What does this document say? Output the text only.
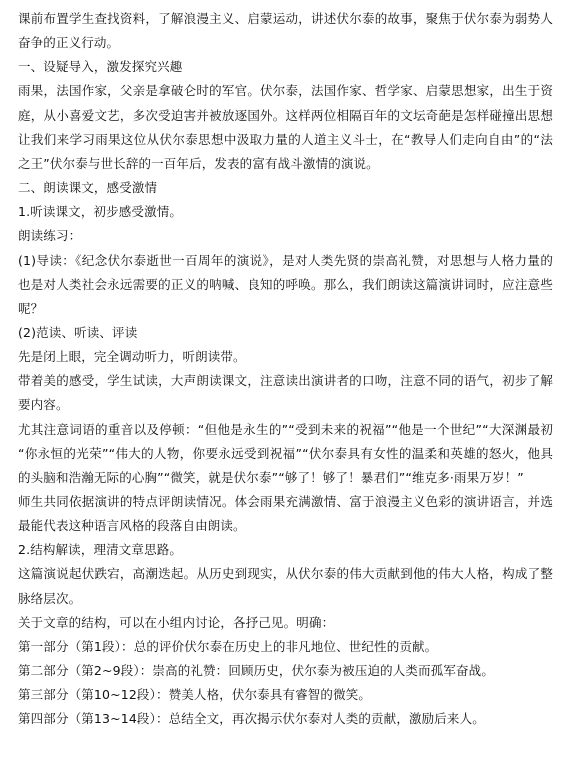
课前布置学生查找资料，了解浪漫主义、启蒙运动，讲述伏尔泰的故事，聚焦于伏尔泰为弱势人
奋争的正义行动。
一、设疑导入，激发探究兴趣
雨果，法国作家，父亲是拿破仑时的军官。伏尔泰，法国作家、哲学家、启蒙思想家，出生于资
庭，从小喜爱文艺，多次受迫害并被放逐国外。这样两位相隔百年的文坛奇葩是怎样碰撞出思想
让我们来学习雨果这位从伏尔泰思想中汲取力量的人道主义斗士，在“教导人们走向自由”的“法
之王”伏尔泰与世长辞的一百年后，发表的富有战斗激情的演说。
二、朗读课文，感受激情
1.听读课文，初步感受激情。
朗读练习：
(1)导读：《纪念伏尔泰逝世一百周年的演说》，是对人类先贤的崇高礼赞，对思想与人格力量的
也是对人类社会永远需要的正义的呐喊、良知的呼唤。那么，我们朗读这篇演讲词时，应注意些
呢？
(2)范读、听读、评读
先是闭上眼，完全调动听力，听朗读带。
带着美的感受，学生试读，大声朗读课文，注意读出演讲者的口吻，注意不同的语气，初步了解
要内容。
尤其注意词语的重音以及停顿：“但他是永生的”“受到未来的祝福”“他是一个世纪”“大深渊最初
“你永恒的光荣”“伟大的人物，你要永远受到祝福”“伏尔泰具有女性的温柔和英雄的怒火，他具
的头脑和浩瀚无际的心胸”“微笑，就是伏尔泰”“够了！够了！暴君们”“维克多·雨果万岁！”
师生共同依据演讲的特点评朗读情况。体会雨果充满激情、富于浪漫主义色彩的演讲语言，并选
最能代表这种语言风格的段落自由朗读。
2.结构解读，理清文章思路。
这篇演说起伏跌宕，高潮迭起。从历史到现实，从伏尔泰的伟大贡献到他的伟大人格，构成了整
脉络层次。
关于文章的结构，可以在小组内讨论，各抒己见。明确：
第一部分（第1段）：总的评价伏尔泰在历史上的非凡地位、世纪性的贡献。
第二部分（第2~9段）：崇高的礼赞：回顾历史，伏尔泰为被压迫的人类而孤军奋战。
第三部分（第10~12段）：赞美人格，伏尔泰具有睿智的微笑。
第四部分（第13~14段）：总结全文，再次揭示伏尔泰对人类的贡献，激励后来人。
